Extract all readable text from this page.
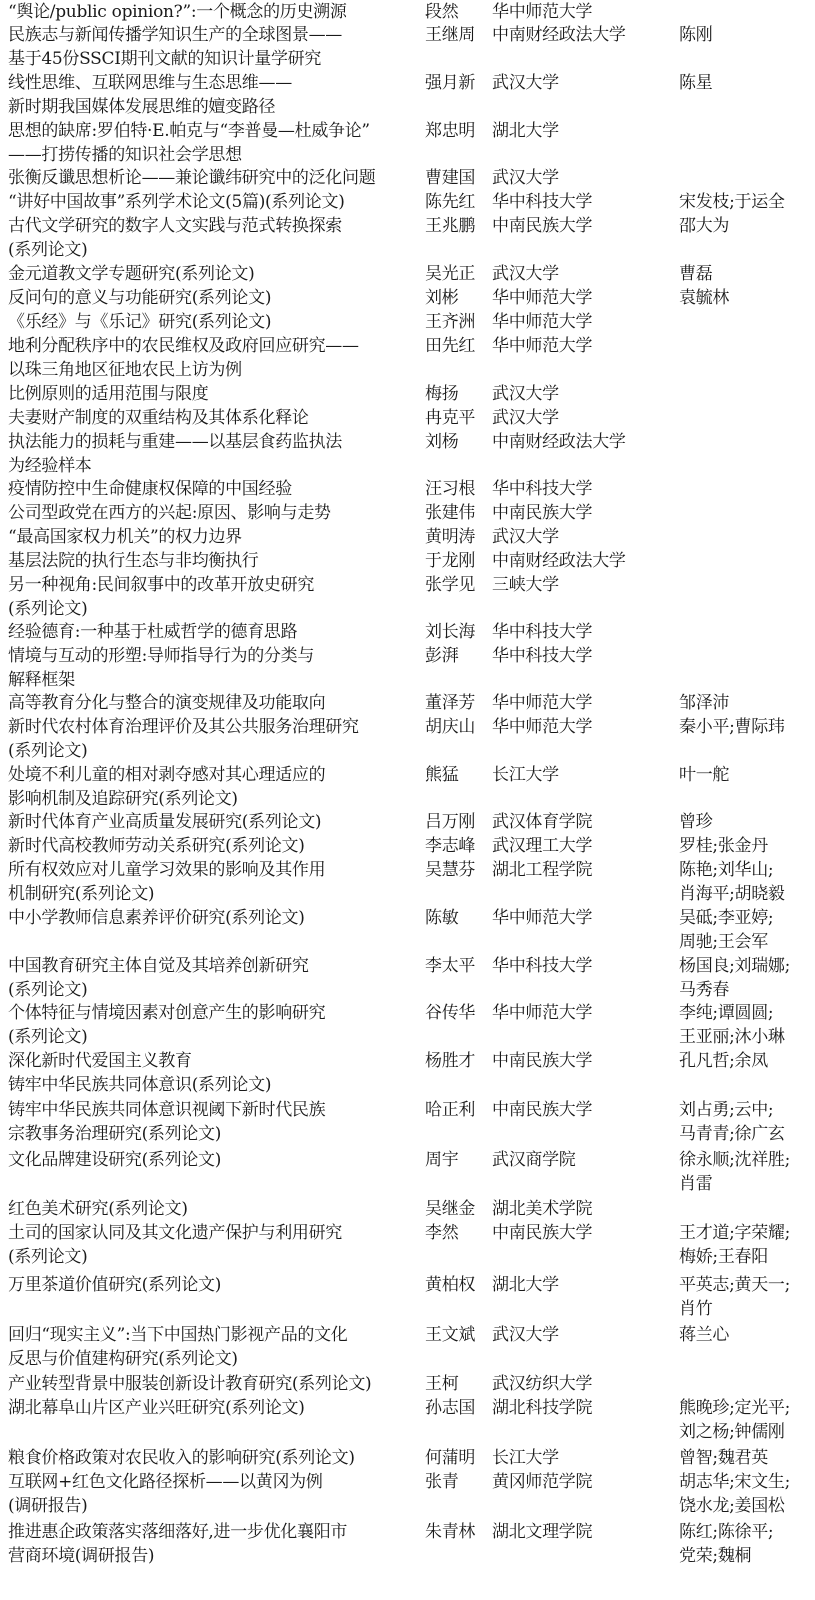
“舆论/public opinion?”:一个概念的历史溯源	段然	华中师范大学
民族志与新闻传播学知识生产的全球图景——
基于45份SSCI期刊文献的知识计量学研究
王继周 中南财经政法大学	陈刚
线性思维、互联网思维与生态思维——
新时期我国媒体发展思维的嬗变路径
强月新 武汉大学	陈星
思想的缺席:罗伯特·E.帕克与“李普曼—杜威争论”
——打捞传播的知识社会学思想
郑忠明 湖北大学
张衡反谶思想析论——兼论谶纬研究中的泛化问题	曹建国 武汉大学
“讲好中国故事”系列学术论文(5篇)(系列论文)	陈先红 华中科技大学	宋发枝;于运全
古代文学研究的数字人文实践与范式转换探索
(系列论文)
王兆鹏 中南民族大学	邵大为
金元道教文学专题研究(系列论文)	吴光正 武汉大学	曹磊
反问句的意义与功能研究(系列论文)	刘彬	华中师范大学	袁毓林
《乐经》与《乐记》研究(系列论文)	王齐洲 华中师范大学
地利分配秩序中的农民维权及政府回应研究——
以珠三角地区征地农民上访为例
田先红 华中师范大学
比例原则的适用范围与限度	梅扬	武汉大学
夫妻财产制度的双重结构及其体系化释论	冉克平 武汉大学
执法能力的损耗与重建——以基层食药监执法
为经验样本
刘杨	中南财经政法大学
疫情防控中生命健康权保障的中国经验	汪习根 华中科技大学
公司型政党在西方的兴起:原因、影响与走势	张建伟 中南民族大学
“最高国家权力机关”的权力边界	黄明涛 武汉大学
基层法院的执行生态与非均衡执行	于龙刚 中南财经政法大学
另一种视角:民间叙事中的改革开放史研究
(系列论文)
张学见 三峡大学
经验德育:一种基于杜威哲学的德育思路	刘长海 华中科技大学
情境与互动的形塑:导师指导行为的分类与
解释框架
彭湃	华中科技大学
高等教育分化与整合的演变规律及功能取向	董泽芳 华中师范大学	邹泽沛
新时代农村体育治理评价及其公共服务治理研究
(系列论文)
胡庆山 华中师范大学	秦小平;曹际玮
处境不利儿童的相对剥夺感对其心理适应的
影响机制及追踪研究(系列论文)
熊猛	长江大学	叶一舵
新时代体育产业高质量发展研究(系列论文)	吕万刚 武汉体育学院	曾珍
新时代高校教师劳动关系研究(系列论文)	李志峰 武汉理工大学	罗桂;张金丹
所有权效应对儿童学习效果的影响及其作用
机制研究(系列论文)
吴慧芬 湖北工程学院	陈艳;刘华山;
肖海平;胡晓毅
中小学教师信息素养评价研究(系列论文)	陈敏	华中师范大学	吴砥;李亚婷;
周驰;王会军
中国教育研究主体自觉及其培养创新研究
(系列论文)
李太平 华中科技大学	杨国良;刘瑞娜;
马秀春
个体特征与情境因素对创意产生的影响研究
(系列论文)
谷传华 华中师范大学	李纯;谭圆圆;
王亚丽;沐小琳
深化新时代爱国主义教育
铸牢中华民族共同体意识(系列论文)
杨胜才 中南民族大学	孔凡哲;余凤
铸牢中华民族共同体意识视阈下新时代民族
宗教事务治理研究(系列论文)
哈正利 中南民族大学	刘占勇;云中;
马青青;徐广玄
文化品牌建设研究(系列论文)	周宇	武汉商学院	徐永顺;沈祥胜;
肖雷
红色美术研究(系列论文)	吴继金 湖北美术学院
土司的国家认同及其文化遗产保护与利用研究
(系列论文)
李然	中南民族大学	王才道;字荣耀;
梅娇;王春阳
万里茶道价值研究(系列论文)	黄柏权 湖北大学	平英志;黄天一;
肖竹
回归“现实主义”:当下中国热门影视产品的文化
反思与价值建构研究(系列论文)
王文斌 武汉大学	蒋兰心
产业转型背景中服装创新设计教育研究(系列论文)	王柯	武汉纺织大学
湖北幕阜山片区产业兴旺研究(系列论文)	孙志国 湖北科技学院	熊晚珍;定光平;
刘之杨;钟儒刚
粮食价格政策对农民收入的影响研究(系列论文)	何蒲明 长江大学	曾智;魏君英
互联网+红色文化路径探析——以黄冈为例
(调研报告)
张青	黄冈师范学院	胡志华;宋文生;
饶水龙;姜国松
推进惠企政策落实落细落好,进一步优化襄阳市
营商环境(调研报告)
朱青林 湖北文理学院	陈红;陈徐平;
党荣;魏桐
